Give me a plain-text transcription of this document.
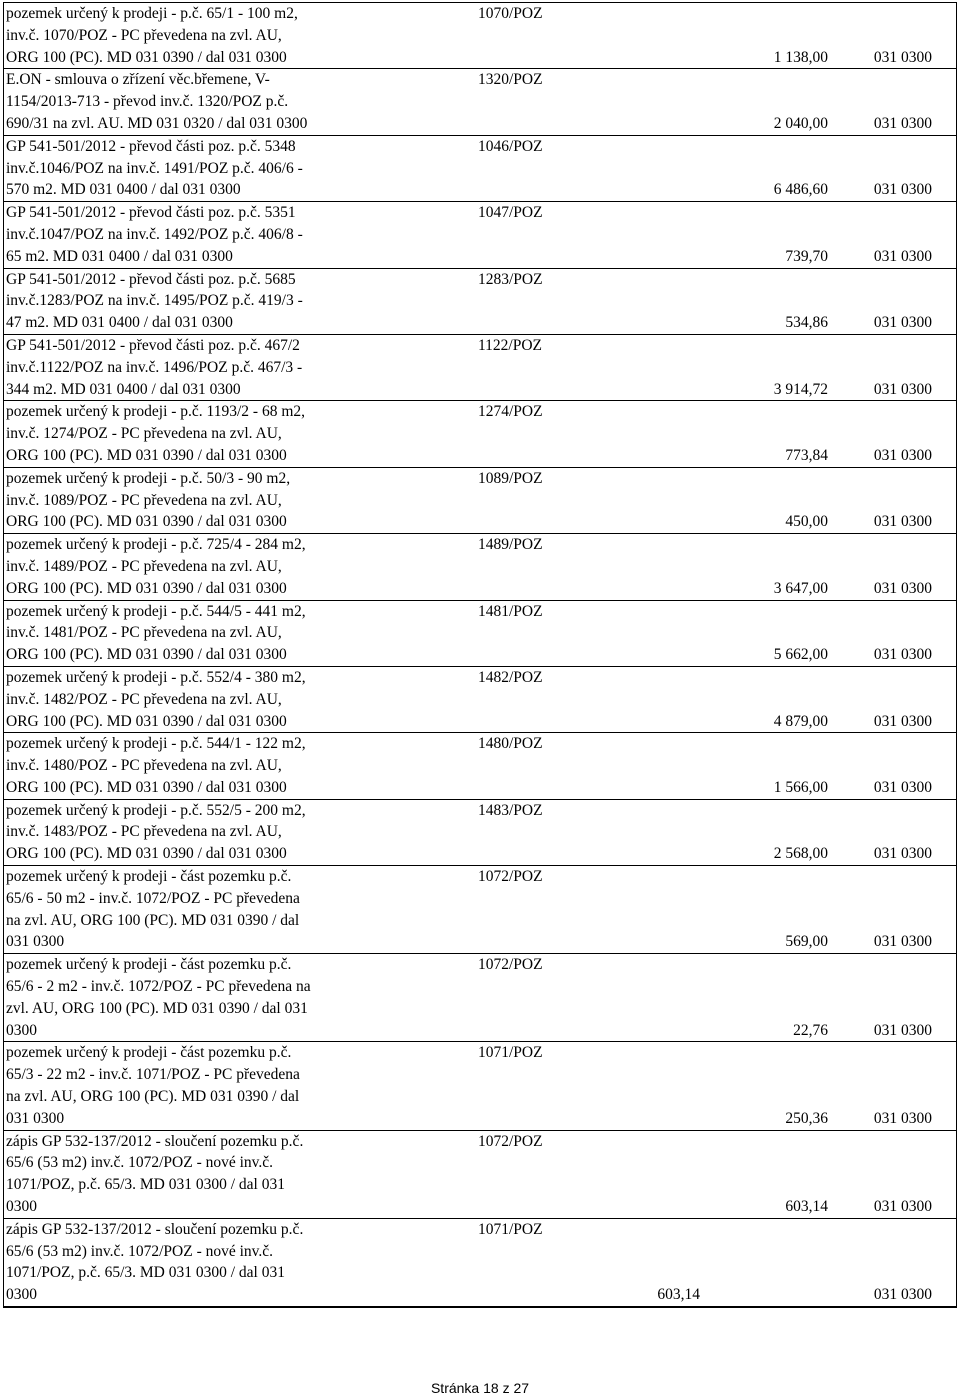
pozemek určený k prodeji - p.č. 65/1 - 100 m2,
inv.č. 1070/POZ - PC převedena na zvl. AU,
ORG 100 (PC). MD 031 0390 / dal 031 0300
1070/POZ
1 138,00	031 0300
E.ON - smlouva o zřízení věc.břemene, V-
1154/2013-713 - převod inv.č. 1320/POZ p.č.
690/31 na zvl. AU. MD 031 0320 / dal 031 0300
1320/POZ
2 040,00	031 0300
GP 541-501/2012 - převod části poz. p.č. 5348
inv.č.1046/POZ na inv.č. 1491/POZ p.č. 406/6 -
570 m2. MD 031 0400 / dal 031 0300
1046/POZ
6 486,60	031 0300
GP 541-501/2012 - převod části poz. p.č. 5351
inv.č.1047/POZ na inv.č. 1492/POZ p.č. 406/8 -
65 m2. MD 031 0400 / dal 031 0300
1047/POZ
739,70	031 0300
GP 541-501/2012 - převod části poz. p.č. 5685
inv.č.1283/POZ na inv.č. 1495/POZ p.č. 419/3 -
47 m2. MD 031 0400 / dal 031 0300
1283/POZ
534,86	031 0300
GP 541-501/2012 - převod části poz. p.č. 467/2
inv.č.1122/POZ na inv.č. 1496/POZ p.č. 467/3 -
344 m2. MD 031 0400 / dal 031 0300
1122/POZ
3 914,72	031 0300
pozemek určený k prodeji - p.č. 1193/2 - 68 m2,
inv.č. 1274/POZ - PC převedena na zvl. AU,
ORG 100 (PC). MD 031 0390 / dal 031 0300
1274/POZ
773,84	031 0300
pozemek určený k prodeji - p.č. 50/3 - 90 m2,
inv.č. 1089/POZ - PC převedena na zvl. AU,
ORG 100 (PC). MD 031 0390 / dal 031 0300
1089/POZ
450,00	031 0300
pozemek určený k prodeji - p.č. 725/4 - 284 m2,
inv.č. 1489/POZ - PC převedena na zvl. AU,
ORG 100 (PC). MD 031 0390 / dal 031 0300
1489/POZ
3 647,00	031 0300
pozemek určený k prodeji - p.č. 544/5 - 441 m2,
inv.č. 1481/POZ - PC převedena na zvl. AU,
ORG 100 (PC). MD 031 0390 / dal 031 0300
1481/POZ
5 662,00	031 0300
pozemek určený k prodeji - p.č. 552/4 - 380 m2,
inv.č. 1482/POZ - PC převedena na zvl. AU,
ORG 100 (PC). MD 031 0390 / dal 031 0300
1482/POZ
4 879,00	031 0300
pozemek určený k prodeji - p.č. 544/1 - 122 m2,
inv.č. 1480/POZ - PC převedena na zvl. AU,
ORG 100 (PC). MD 031 0390 / dal 031 0300
1480/POZ
1 566,00	031 0300
pozemek určený k prodeji - p.č. 552/5 - 200 m2,
inv.č. 1483/POZ - PC převedena na zvl. AU,
ORG 100 (PC). MD 031 0390 / dal 031 0300
1483/POZ
2 568,00	031 0300
pozemek určený k prodeji - část pozemku p.č.
65/6 - 50 m2 - inv.č. 1072/POZ - PC převedena
na zvl. AU, ORG 100 (PC). MD 031 0390 / dal
031 0300
1072/POZ
569,00	031 0300
pozemek určený k prodeji - část pozemku p.č.
65/6 - 2 m2 - inv.č. 1072/POZ - PC převedena na
zvl. AU, ORG 100 (PC). MD 031 0390 / dal 031
0300
1072/POZ
22,76	031 0300
pozemek určený k prodeji - část pozemku p.č.
65/3 - 22 m2 - inv.č. 1071/POZ - PC převedena
na zvl. AU, ORG 100 (PC). MD 031 0390 / dal
031 0300
1071/POZ
250,36	031 0300
zápis GP 532-137/2012 - sloučení pozemku p.č.
65/6 (53 m2) inv.č. 1072/POZ - nové inv.č.
1071/POZ, p.č. 65/3. MD 031 0300 / dal 031
0300
1072/POZ
603,14	031 0300
zápis GP 532-137/2012 - sloučení pozemku p.č.
65/6 (53 m2) inv.č. 1072/POZ - nové inv.č.
1071/POZ, p.č. 65/3. MD 031 0300 / dal 031
0300
1071/POZ
603,14	031 0300
Stránka 18 z 27
